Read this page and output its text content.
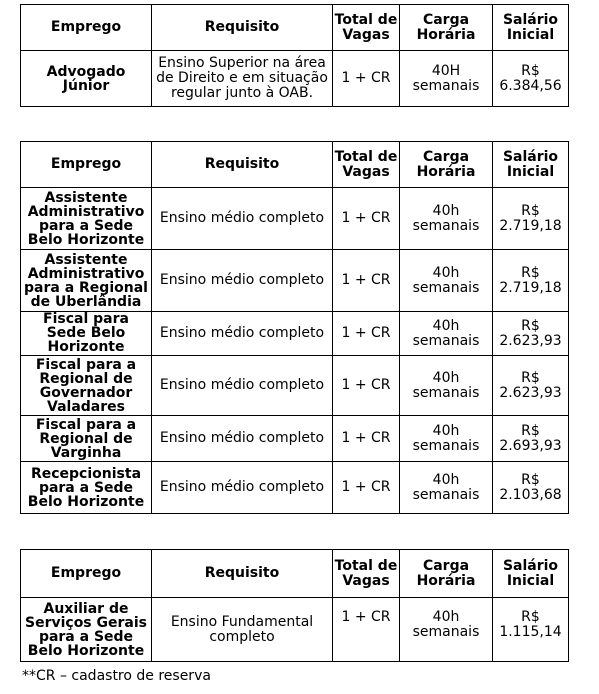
Emprego	Requisito	Total de Vagas	Carga Horária	Salário Inicial
Advogado Júnior	Ensino Superior na área de Direito e em situação regular junto à OAB.	1 + CR	40H semanais	R$ 6.384,56
Emprego	Requisito	Total de Vagas	Carga Horária	Salário Inicial
Assistente Administrativo para a Sede Belo Horizonte	Ensino médio completo	1 + CR	40h semanais	R$ 2.719,18
Assistente Administrativo para a Regional de Uberlândia	Ensino médio completo	1 + CR	40h semanais	R$ 2.719,18
Fiscal para Sede Belo Horizonte	Ensino médio completo	1 + CR	40h semanais	R$ 2.623,93
Fiscal para a Regional de Governador Valadares	Ensino médio completo	1 + CR	40h semanais	R$ 2.623,93
Fiscal para a Regional de Varginha	Ensino médio completo	1 + CR	40h semanais	R$ 2.693,93
Recepcionista para a Sede Belo Horizonte	Ensino médio completo	1 + CR	40h semanais	R$ 2.103,68
Emprego	Requisito	Total de Vagas	Carga Horária	Salário Inicial
Auxiliar de Serviços Gerais para a Sede Belo Horizonte	Ensino Fundamental completo	1 + CR	40h semanais	R$ 1.115,14
**CR – cadastro de reserva
